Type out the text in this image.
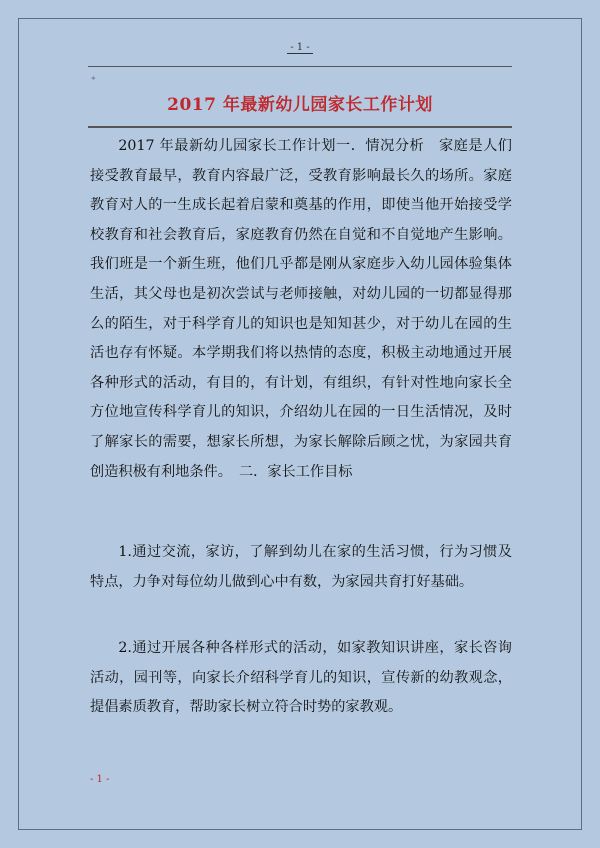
- 1 -
✦
2017 年最新幼儿园家长工作计划

2017 年最新幼儿园家长工作计划一．情况分析　家庭是人们接受教育最早，教育内容最广泛，受教育影响最长久的场所。家庭教育对人的一生成长起着启蒙和奠基的作用，即使当他开始接受学校教育和社会教育后，家庭教育仍然在自觉和不自觉地产生影响。我们班是一个新生班，他们几乎都是刚从家庭步入幼儿园体验集体生活，其父母也是初次尝试与老师接触，对幼儿园的一切都显得那么的陌生，对于科学育儿的知识也是知知甚少，对于幼儿在园的生活也存有怀疑。本学期我们将以热情的态度，积极主动地通过开展各种形式的活动，有目的，有计划，有组织，有针对性地向家长全方位地宣传科学育儿的知识，介绍幼儿在园的一日生活情况，及时了解家长的需要，想家长所想，为家长解除后顾之忧，为家园共育创造积极有利地条件。　二．家长工作目标

1.通过交流，家访，了解到幼儿在家的生活习惯，行为习惯及特点，力争对每位幼儿做到心中有数，为家园共育打好基础。

2.通过开展各种各样形式的活动，如家教知识讲座，家长咨询活动，园刊等，向家长介绍科学育儿的知识，宣传新的幼教观念，提倡素质教育，帮助家长树立符合时势的家教观。

- 1 -
